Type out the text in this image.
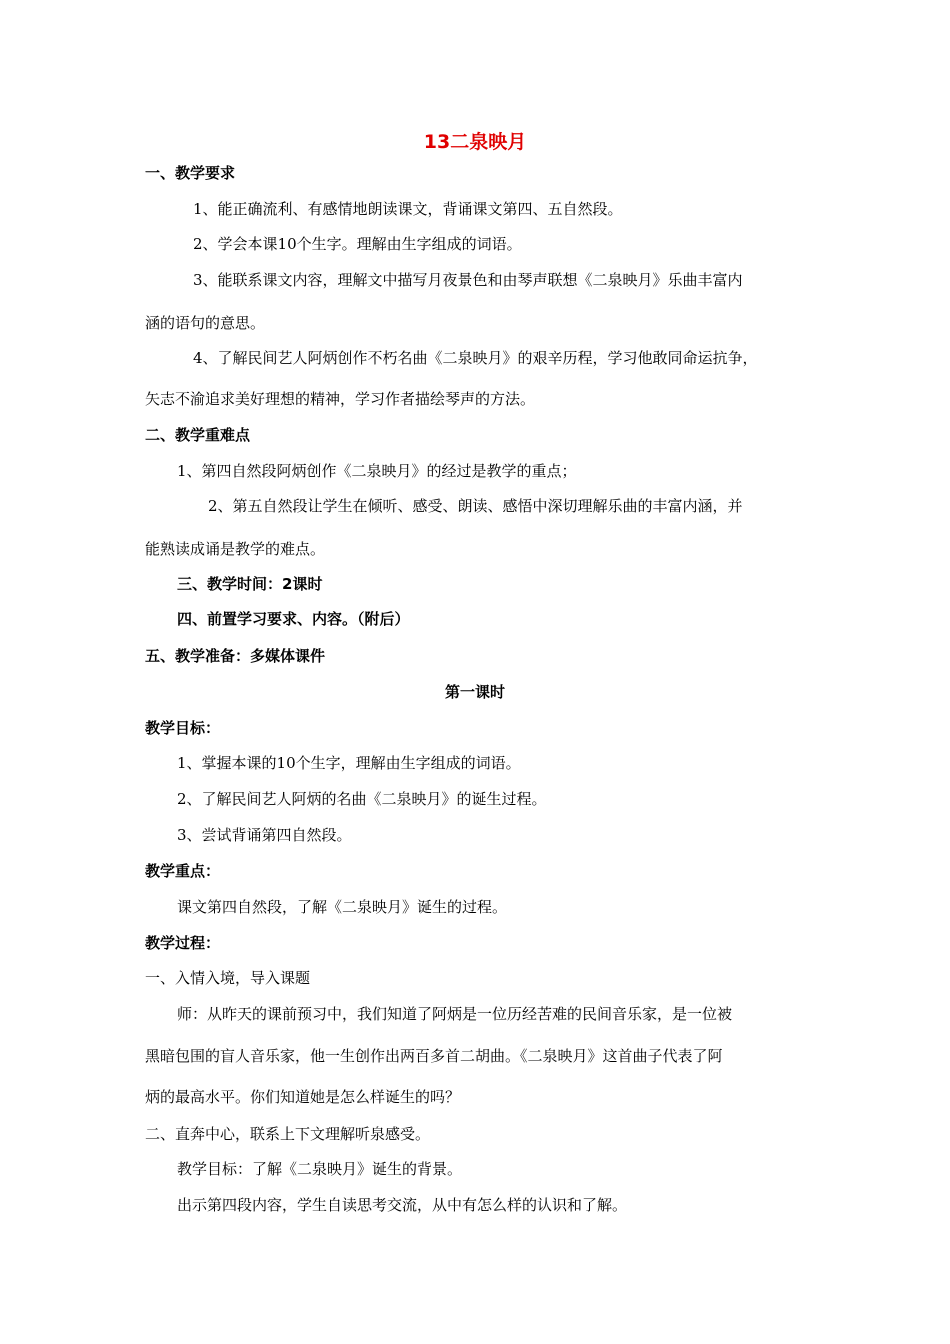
13二泉映月
一、教学要求
1、能正确流利、有感情地朗读课文，背诵课文第四、五自然段。
2、学会本课10个生字。理解由生字组成的词语。
3、能联系课文内容，理解文中描写月夜景色和由琴声联想《二泉映月》乐曲丰富内
涵的语句的意思。
4、了解民间艺人阿炳创作不朽名曲《二泉映月》的艰辛历程，学习他敢同命运抗争，
矢志不渝追求美好理想的精神，学习作者描绘琴声的方法。
二、教学重难点
1、第四自然段阿炳创作《二泉映月》的经过是教学的重点；
2、第五自然段让学生在倾听、感受、朗读、感悟中深切理解乐曲的丰富内涵，并
能熟读成诵是教学的难点。
三、教学时间：2课时
四、前置学习要求、内容。（附后）
五、教学准备：多媒体课件
第一课时
教学目标：
1、掌握本课的10个生字，理解由生字组成的词语。
2、了解民间艺人阿炳的名曲《二泉映月》的诞生过程。
3、尝试背诵第四自然段。
教学重点：
课文第四自然段，了解《二泉映月》诞生的过程。
教学过程：
一、入情入境，导入课题
师：从昨天的课前预习中，我们知道了阿炳是一位历经苦难的民间音乐家，是一位被
黑暗包围的盲人音乐家，他一生创作出两百多首二胡曲。《二泉映月》这首曲子代表了阿
炳的最高水平。你们知道她是怎么样诞生的吗？
二、直奔中心，联系上下文理解听泉感受。
教学目标：了解《二泉映月》诞生的背景。
出示第四段内容，学生自读思考交流，从中有怎么样的认识和了解。
